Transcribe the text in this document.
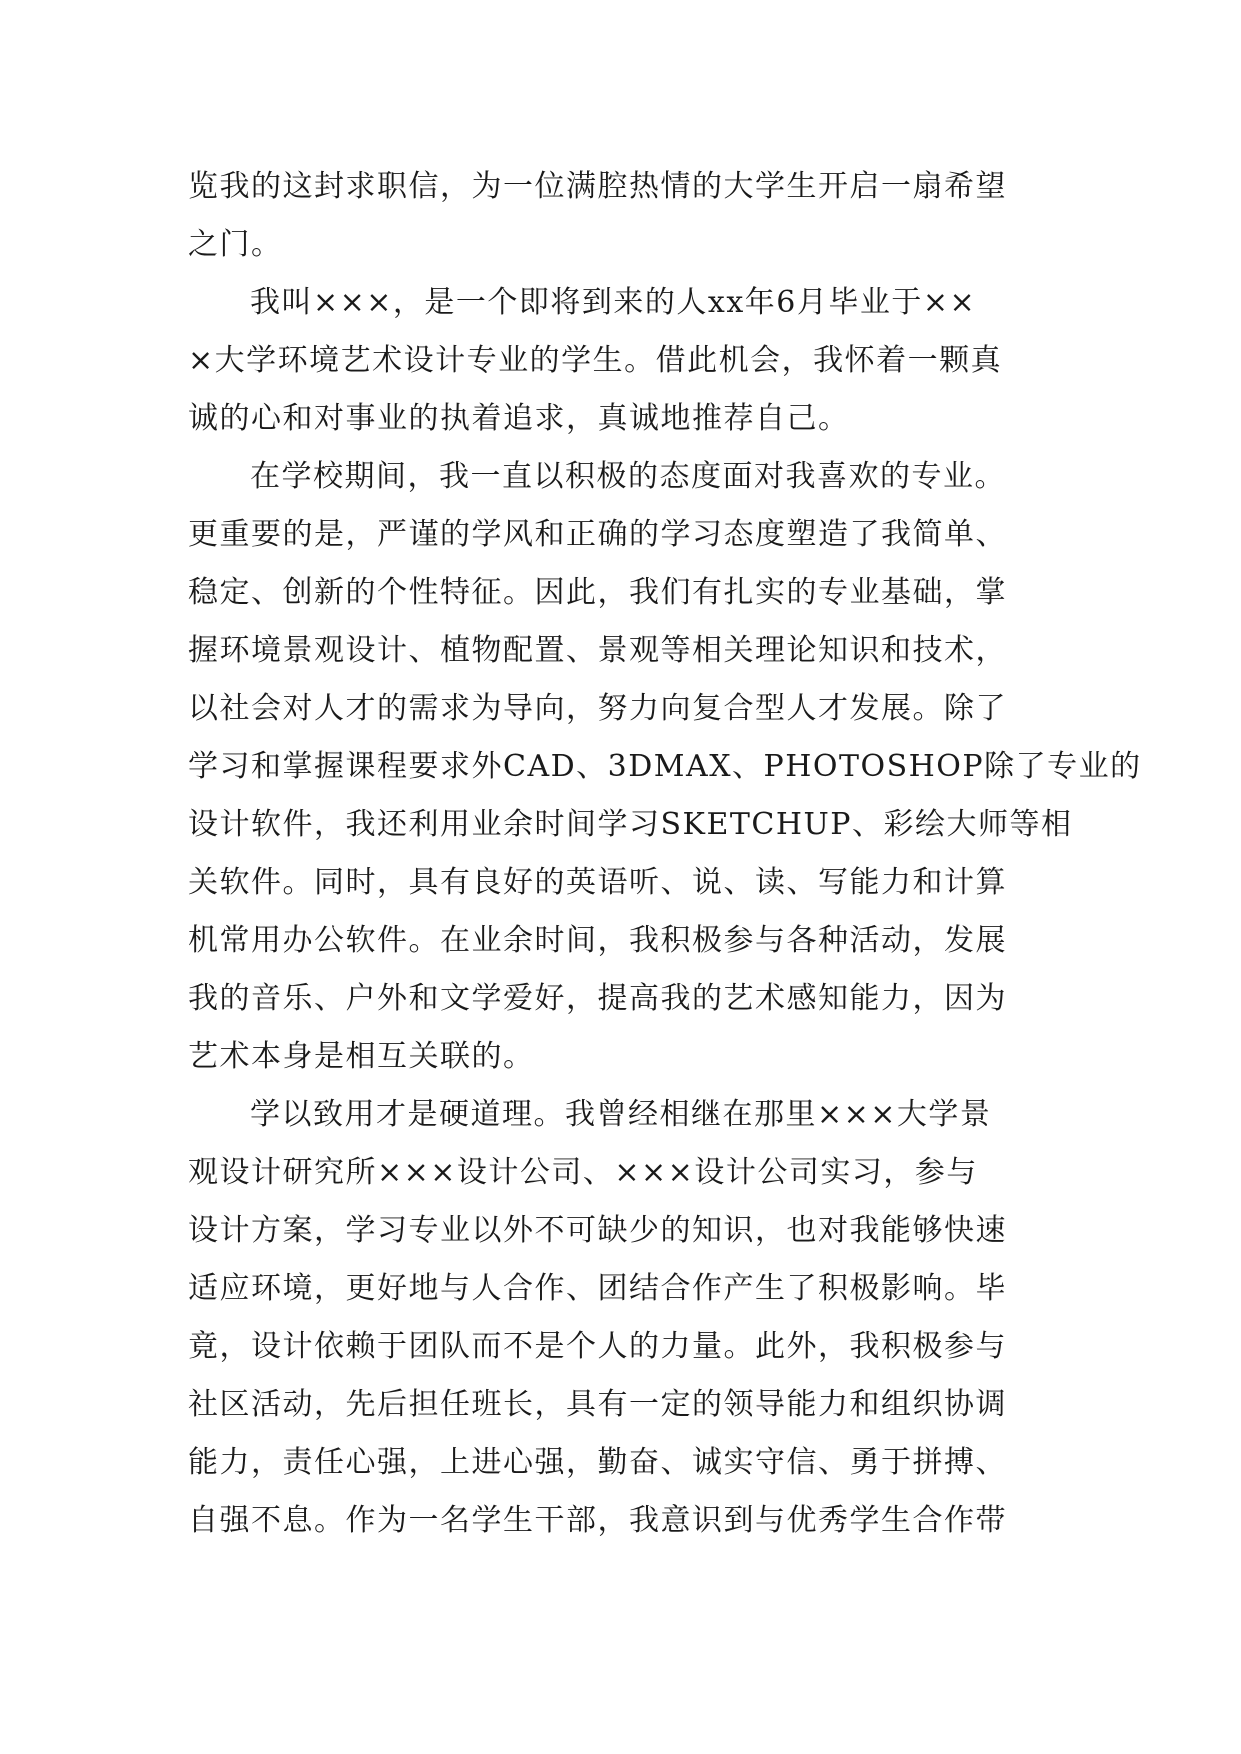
览我的这封求职信，为一位满腔热情的大学生开启一扇希望
之门。
我叫×××，是一个即将到来的人xx年6月毕业于××
×大学环境艺术设计专业的学生。借此机会，我怀着一颗真
诚的心和对事业的执着追求，真诚地推荐自己。
在学校期间，我一直以积极的态度面对我喜欢的专业。
更重要的是，严谨的学风和正确的学习态度塑造了我简单、
稳定、创新的个性特征。因此，我们有扎实的专业基础，掌
握环境景观设计、植物配置、景观等相关理论知识和技术，
以社会对人才的需求为导向，努力向复合型人才发展。除了
学习和掌握课程要求外CAD、3DMAX、PHOTOSHOP除了专业的
设计软件，我还利用业余时间学习SKETCHUP、彩绘大师等相
关软件。同时，具有良好的英语听、说、读、写能力和计算
机常用办公软件。在业余时间，我积极参与各种活动，发展
我的音乐、户外和文学爱好，提高我的艺术感知能力，因为
艺术本身是相互关联的。
学以致用才是硬道理。我曾经相继在那里×××大学景
观设计研究所×××设计公司、×××设计公司实习，参与
设计方案，学习专业以外不可缺少的知识，也对我能够快速
适应环境，更好地与人合作、团结合作产生了积极影响。毕
竟，设计依赖于团队而不是个人的力量。此外，我积极参与
社区活动，先后担任班长，具有一定的领导能力和组织协调
能力，责任心强，上进心强，勤奋、诚实守信、勇于拼搏、
自强不息。作为一名学生干部，我意识到与优秀学生合作带
